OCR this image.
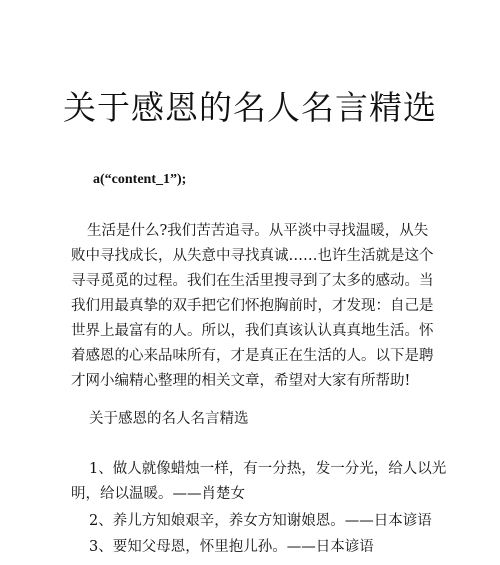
关于感恩的名人名言精选
a(“content_1”);

生活是什么?我们苦苦追寻。从平淡中寻找温暖，从失败中寻找成长，从失意中寻找真诚……也许生活就是这个寻寻觅觅的过程。我们在生活里搜寻到了太多的感动。当我们用最真挚的双手把它们怀抱胸前时，才发现：自己是世界上最富有的人。所以，我们真该认认真真地生活。怀着感恩的心来品味所有，才是真正在生活的人。以下是聘才网小编精心整理的相关文章，希望对大家有所帮助!

关于感恩的名人名言精选
1、做人就像蜡烛一样，有一分热，发一分光，给人以光
明，给以温暖。——肖楚女
2、养儿方知娘艰辛，养女方知谢娘恩。——日本谚语
3、要知父母恩，怀里抱儿孙。——日本谚语
